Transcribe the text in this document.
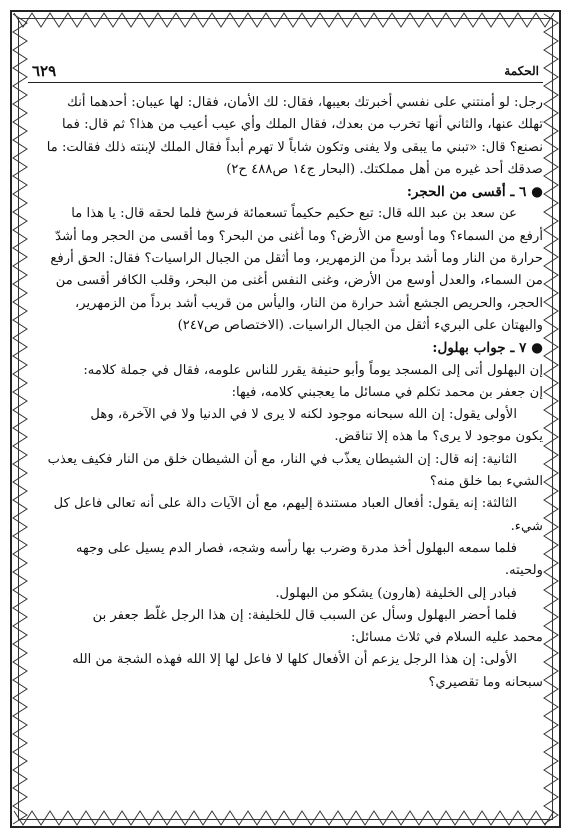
٦٢٩	الحكمة
رجل: لو أمنتني على نفسي أخبرتك بعيبها، فقال: لك الأمان، فقال: لها عيبان: أحدهما أنك
تهلك عنها، والثاني أنها تخرب من بعدك، فقال الملك وأي عيب أعيب من هذا؟ ثم قال: فما
نصنع؟ قال: «تبني ما يبقى ولا يفنى وتكون شاباً لا تهرم أبداً فقال الملك لإبنته ذلك فقالت: ما
صدقك أحد غيره من أهل مملكتك. (البحار ج١٤ ص٤٨٨ ح٢)
● ٦ ـ أقسى من الحجر:
عن سعد بن عبد الله قال: تبع حكيم حكيماً تسعمائة فرسخ فلما لحقه قال: يا هذا ما
أرفع من السماء؟ وما أوسع من الأرض؟ وما أغنى من البحر؟ وما أقسى من الحجر وما أشدّ
حرارة من النار وما أشد برداً من الزمهرير، وما أثقل من الجبال الراسيات؟ فقال: الحق أرفع
من السماء، والعدل أوسع من الأرض، وغنى النفس أغنى من البحر، وقلب الكافر أقسى من
الحجر، والحريص الجشع أشد حرارة من النار، واليأس من قريب أشد برداً من الزمهرير،
والبهتان على البريء أثقل من الجبال الراسيات. (الاختصاص ص٢٤٧)
● ٧ ـ جواب بهلول:
إن البهلول أتى إلى المسجد يوماً وأبو حنيفة يقرر للناس علومه، فقال في جملة كلامه:
إن جعفر بن محمد تكلم في مسائل ما يعجبني كلامه، فيها:
الأولى يقول: إن الله سبحانه موجود لكنه لا يرى لا في الدنيا ولا في الآخرة، وهل
يكون موجود لا يرى؟ ما هذه إلا تناقض.
الثانية: إنه قال: إن الشيطان يعذّب في النار، مع أن الشيطان خلق من النار فكيف يعذب
الشيء بما خلق منه؟
الثالثة: إنه يقول: أفعال العباد مستندة إليهم، مع أن الآيات دالة على أنه تعالى فاعل كل
شيء.
فلما سمعه البهلول أخذ مدرة وضرب بها رأسه وشجه، فصار الدم يسيل على وجهه
ولحيته.
فبادر إلى الخليفة (هارون) يشكو من البهلول.
فلما أحضر البهلول وسأل عن السبب قال للخليفة: إن هذا الرجل غلّط جعفر بن
محمد عليه السلام في ثلاث مسائل:
الأولى: إن هذا الرجل يزعم أن الأفعال كلها لا فاعل لها إلا الله فهذه الشجة من الله
سبحانه وما تقصيري؟
